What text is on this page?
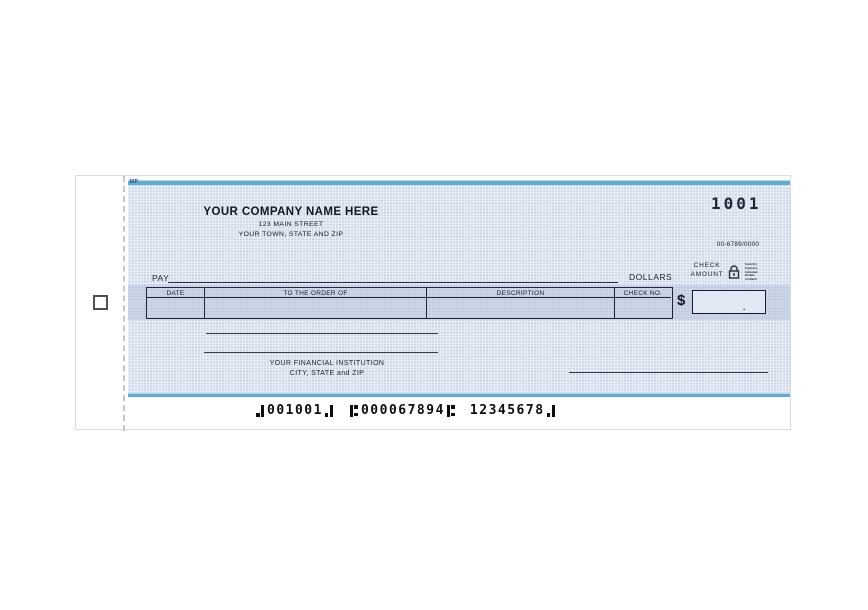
MP
YOUR COMPANY NAME HERE
123 MAIN STREET
YOUR TOWN, STATE AND ZIP
1001
00-6789/0000
CHECK
AMOUNT
Security
Features
Included
Details
on Back
PAY	DOLLARS
DATE	TO THE ORDER OF	DESCRIPTION	CHECK NO. $	.
YOUR FINANCIAL INSTITUTION
CITY, STATE and ZIP
001001	000067894 12345678
